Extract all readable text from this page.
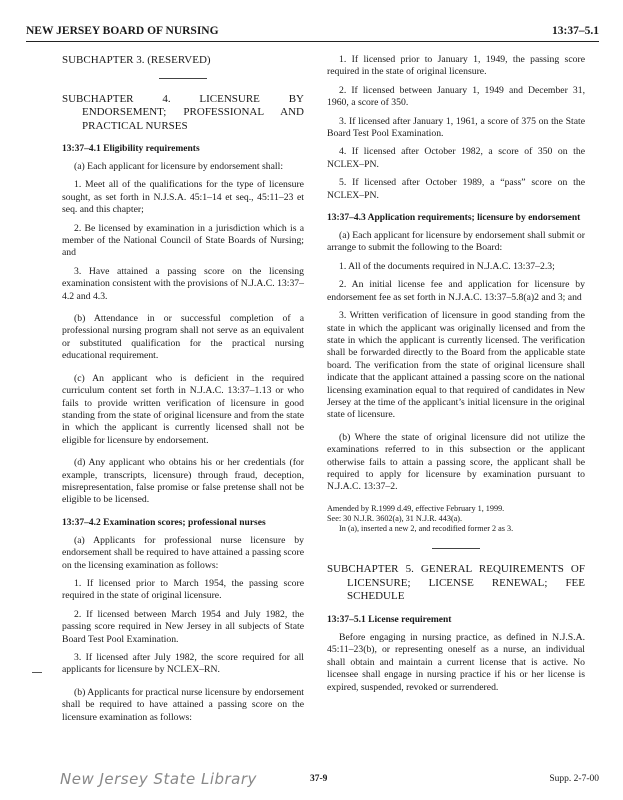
NEW JERSEY BOARD OF NURSING	13:37–5.1

SUBCHAPTER 3. (RESERVED)

SUBCHAPTER 4. LICENSURE BY ENDORSEMENT; PROFESSIONAL AND PRACTICAL NURSES

13:37–4.1 Eligibility requirements

(a) Each applicant for licensure by endorsement shall:

1. Meet all of the qualifications for the type of licensure sought, as set forth in N.J.S.A. 45:1–14 et seq., 45:11–23 et seq. and this chapter;

2. Be licensed by examination in a jurisdiction which is a member of the National Council of State Boards of Nursing; and

3. Have attained a passing score on the licensing examination consistent with the provisions of N.J.A.C. 13:37–4.2 and 4.3.

(b) Attendance in or successful completion of a professional nursing program shall not serve as an equivalent or substituted qualification for the practical nursing educational requirement.

(c) An applicant who is deficient in the required curriculum content set forth in N.J.A.C. 13:37–1.13 or who fails to provide written verification of licensure in good standing from the state of original licensure and from the state in which the applicant is currently licensed shall not be eligible for licensure by endorsement.

(d) Any applicant who obtains his or her credentials (for example, transcripts, licensure) through fraud, deception, misrepresentation, false promise or false pretense shall not be eligible to be licensed.

13:37–4.2 Examination scores; professional nurses

(a) Applicants for professional nurse licensure by endorsement shall be required to have attained a passing score on the licensing examination as follows:

1. If licensed prior to March 1954, the passing score required in the state of original licensure.

2. If licensed between March 1954 and July 1982, the passing score required in New Jersey in all subjects of State Board Test Pool Examination.

3. If licensed after July 1982, the score required for all applicants for licensure by NCLEX–RN.

(b) Applicants for practical nurse licensure by endorsement shall be required to have attained a passing score on the licensure examination as follows:

1. If licensed prior to January 1, 1949, the passing score required in the state of original licensure.

2. If licensed between January 1, 1949 and December 31, 1960, a score of 350.

3. If licensed after January 1, 1961, a score of 375 on the State Board Test Pool Examination.

4. If licensed after October 1982, a score of 350 on the NCLEX–PN.

5. If licensed after October 1989, a “pass” score on the NCLEX–PN.

13:37–4.3 Application requirements; licensure by endorsement

(a) Each applicant for licensure by endorsement shall submit or arrange to submit the following to the Board:

1. All of the documents required in N.J.A.C. 13:37–2.3;

2. An initial license fee and application for licensure by endorsement fee as set forth in N.J.A.C. 13:37–5.8(a)2 and 3; and

3. Written verification of licensure in good standing from the state in which the applicant was originally licensed and from the state in which the applicant is currently licensed. The verification shall be forwarded directly to the Board from the applicable state board. The verification from the state of original licensure shall indicate that the applicant attained a passing score on the national licensing examination equal to that required of candidates in New Jersey at the time of the applicant’s initial licensure in the original state of licensure.

(b) Where the state of original licensure did not utilize the examinations referred to in this subsection or the applicant otherwise fails to attain a passing score, the applicant shall be required to apply for licensure by examination pursuant to N.J.A.C. 13:37–2.

Amended by R.1999 d.49, effective February 1, 1999.

See: 30 N.J.R. 3602(a), 31 N.J.R. 443(a).

In (a), inserted a new 2, and recodified former 2 as 3.

SUBCHAPTER 5. GENERAL REQUIREMENTS OF LICENSURE; LICENSE RENEWAL; FEE SCHEDULE

13:37–5.1 License requirement

Before engaging in nursing practice, as defined in N.J.S.A. 45:11–23(b), or representing oneself as a nurse, an individual shall obtain and maintain a current license that is active. No licensee shall engage in nursing practice if his or her license is expired, suspended, revoked or surrendered.

New Jersey State Library	37-9	Supp. 2-7-00
